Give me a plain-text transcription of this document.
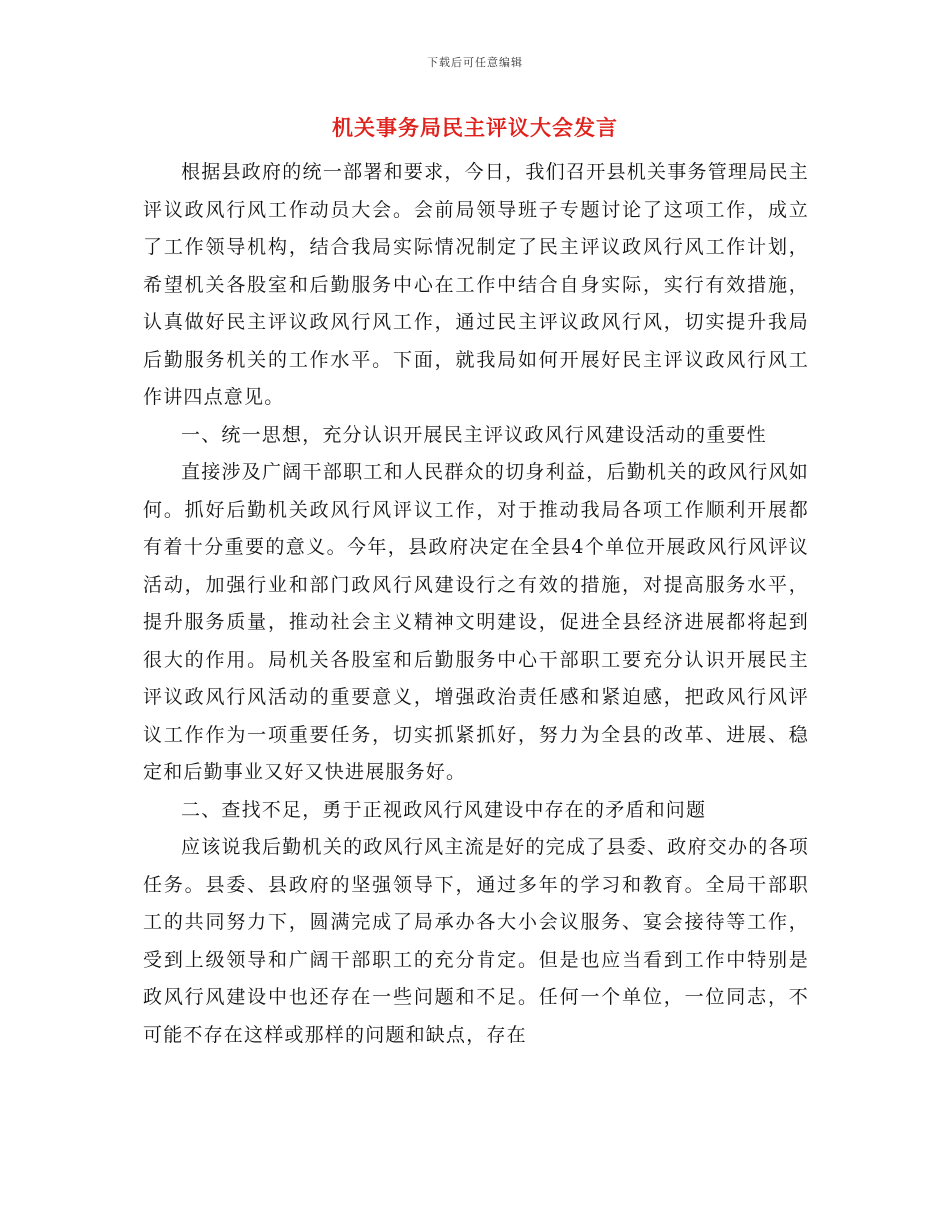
下载后可任意编辑
机关事务局民主评议大会发言

根据县政府的统一部署和要求，今日，我们召开县机关事务管理局民主评议政风行风工作动员大会。会前局领导班子专题讨论了这项工作，成立了工作领导机构，结合我局实际情况制定了民主评议政风行风工作计划，希望机关各股室和后勤服务中心在工作中结合自身实际，实行有效措施，认真做好民主评议政风行风工作，通过民主评议政风行风，切实提升我局后勤服务机关的工作水平。下面，就我局如何开展好民主评议政风行风工作讲四点意见。

一、统一思想，充分认识开展民主评议政风行风建设活动的重要性

直接涉及广阔干部职工和人民群众的切身利益，后勤机关的政风行风如何。抓好后勤机关政风行风评议工作，对于推动我局各项工作顺利开展都有着十分重要的意义。今年，县政府决定在全县4个单位开展政风行风评议活动，加强行业和部门政风行风建设行之有效的措施，对提高服务水平，提升服务质量，推动社会主义精神文明建设，促进全县经济进展都将起到很大的作用。局机关各股室和后勤服务中心干部职工要充分认识开展民主评议政风行风活动的重要意义，增强政治责任感和紧迫感，把政风行风评议工作作为一项重要任务，切实抓紧抓好，努力为全县的改革、进展、稳定和后勤事业又好又快进展服务好。

二、查找不足，勇于正视政风行风建设中存在的矛盾和问题

应该说我后勤机关的政风行风主流是好的完成了县委、政府交办的各项任务。县委、县政府的坚强领导下，通过多年的学习和教育。全局干部职工的共同努力下，圆满完成了局承办各大小会议服务、宴会接待等工作，受到上级领导和广阔干部职工的充分肯定。但是也应当看到工作中特别是政风行风建设中也还存在一些问题和不足。任何一个单位，一位同志，不可能不存在这样或那样的问题和缺点，存在
